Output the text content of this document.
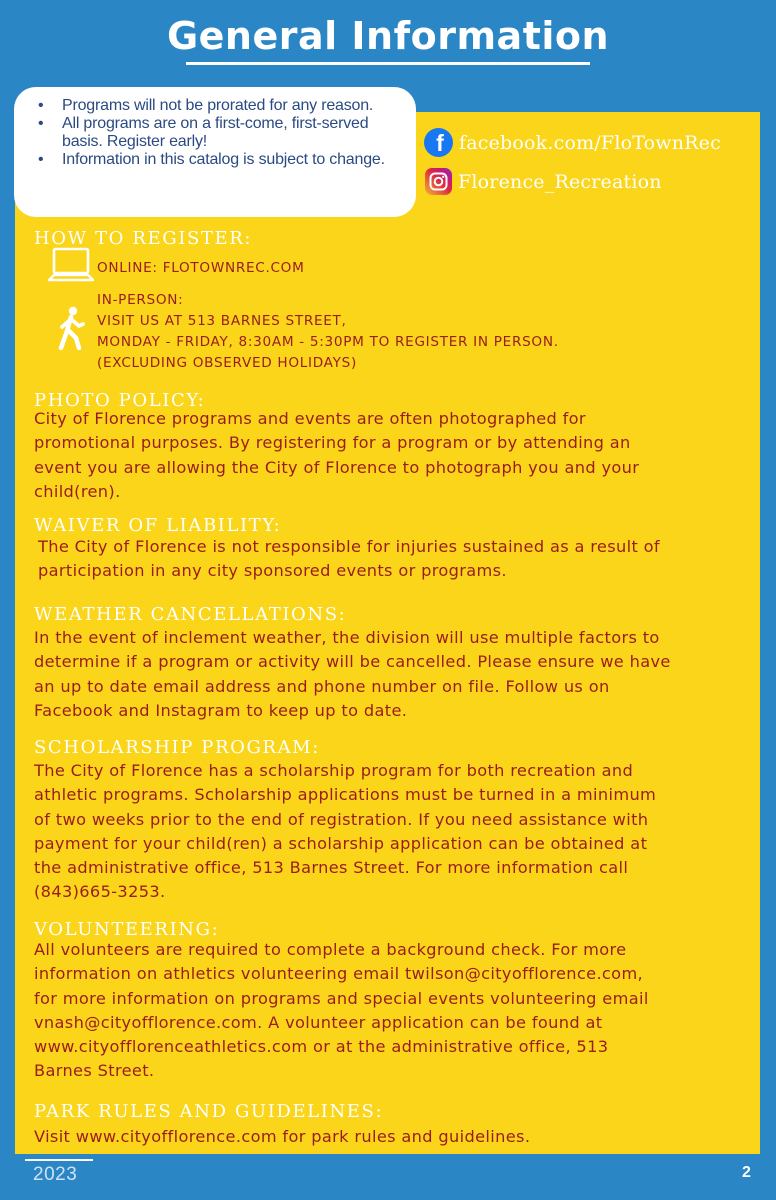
General Information
• Programs will not be prorated for any reason.
• All programs are on a first-come, first-served basis. Register early!
• Information in this catalog is subject to change.
f facebook.com/FloTownRec
Florence_Recreation
HOW TO REGISTER:
ONLINE: FLOTOWNREC.COM
IN-PERSON:
VISIT US AT 513 BARNES STREET,
MONDAY - FRIDAY, 8:30AM - 5:30PM TO REGISTER IN PERSON.
(EXCLUDING OBSERVED HOLIDAYS)
PHOTO POLICY:
City of Florence programs and events are often photographed for
promotional purposes. By registering for a program or by attending an
event you are allowing the City of Florence to photograph you and your
child(ren).
WAIVER OF LIABILITY:
The City of Florence is not responsible for injuries sustained as a result of
participation in any city sponsored events or programs.
WEATHER CANCELLATIONS:
In the event of inclement weather, the division will use multiple factors to
determine if a program or activity will be cancelled. Please ensure we have
an up to date email address and phone number on file. Follow us on
Facebook and Instagram to keep up to date.
SCHOLARSHIP PROGRAM:
The City of Florence has a scholarship program for both recreation and
athletic programs. Scholarship applications must be turned in a minimum
of two weeks prior to the end of registration. If you need assistance with
payment for your child(ren) a scholarship application can be obtained at
the administrative office, 513 Barnes Street. For more information call
(843)665-3253.
VOLUNTEERING:
All volunteers are required to complete a background check. For more
information on athletics volunteering email twilson@cityofflorence.com,
for more information on programs and special events volunteering email
vnash@cityofflorence.com. A volunteer application can be found at
www.cityofflorenceathletics.com or at the administrative office, 513
Barnes Street.
PARK RULES AND GUIDELINES:
Visit www.cityofflorence.com for park rules and guidelines.
2023	2
